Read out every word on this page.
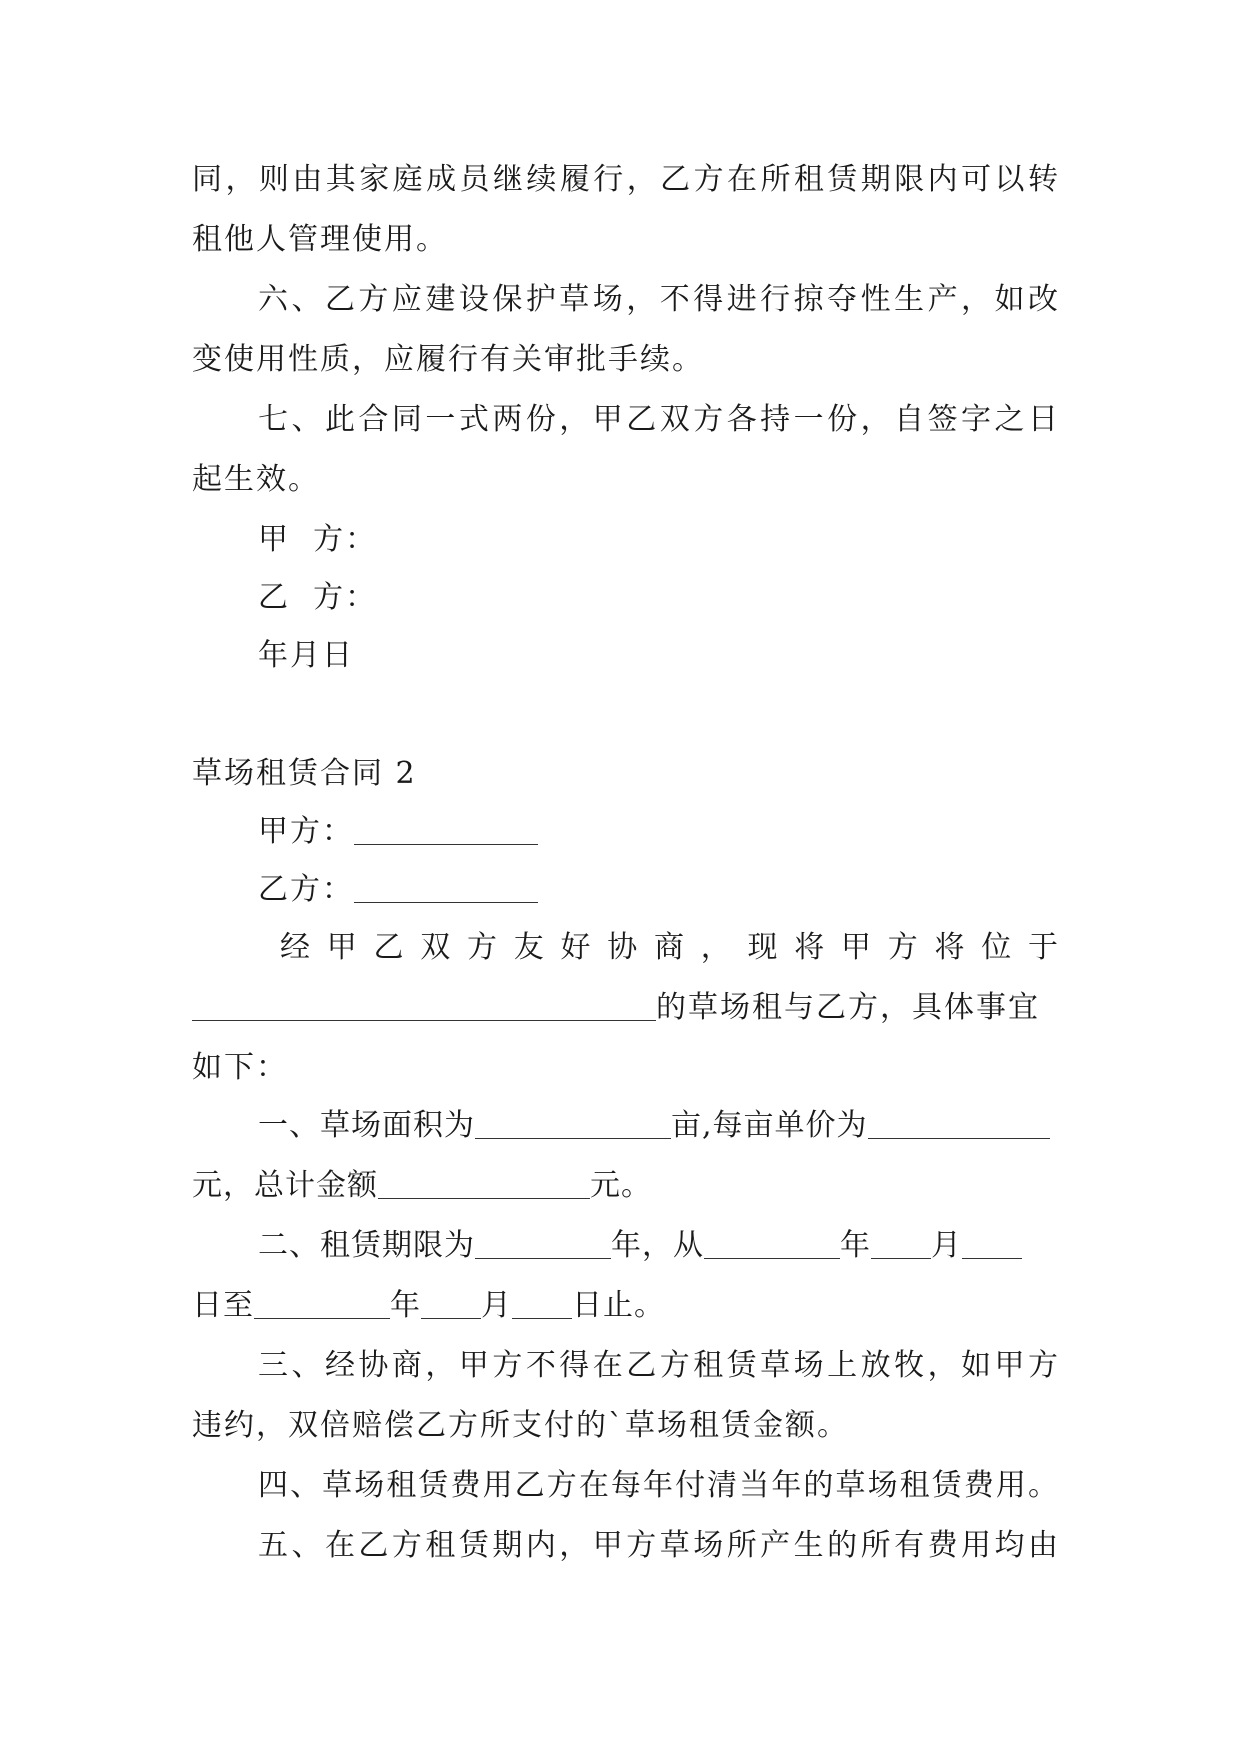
同，则由其家庭成员继续履行，乙方在所租赁期限内可以转
租他人管理使用。
六、乙方应建设保护草场，不得进行掠夺性生产，如改
变使用性质，应履行有关审批手续。
七、此合同一式两份，甲乙双方各持一份，自签字之日
起生效。
甲  方：
乙  方：
年月日
草场租赁合同 2
甲方：
乙方：
经 甲 乙 双 方 友 好 协 商 ， 现 将 甲 方 将 位 于
的草场租与乙方，具体事宜
如下：
一、草场面积为	亩,每亩单价为
元，总计金额	元。
二、租赁期限为	年，从	年 月
日至	年 月 日止。
三、经协商，甲方不得在乙方租赁草场上放牧，如甲方
违约，双倍赔偿乙方所支付的`草场租赁金额。
四、草场租赁费用乙方在每年付清当年的草场租赁费用。
五、在乙方租赁期内，甲方草场所产生的所有费用均由
